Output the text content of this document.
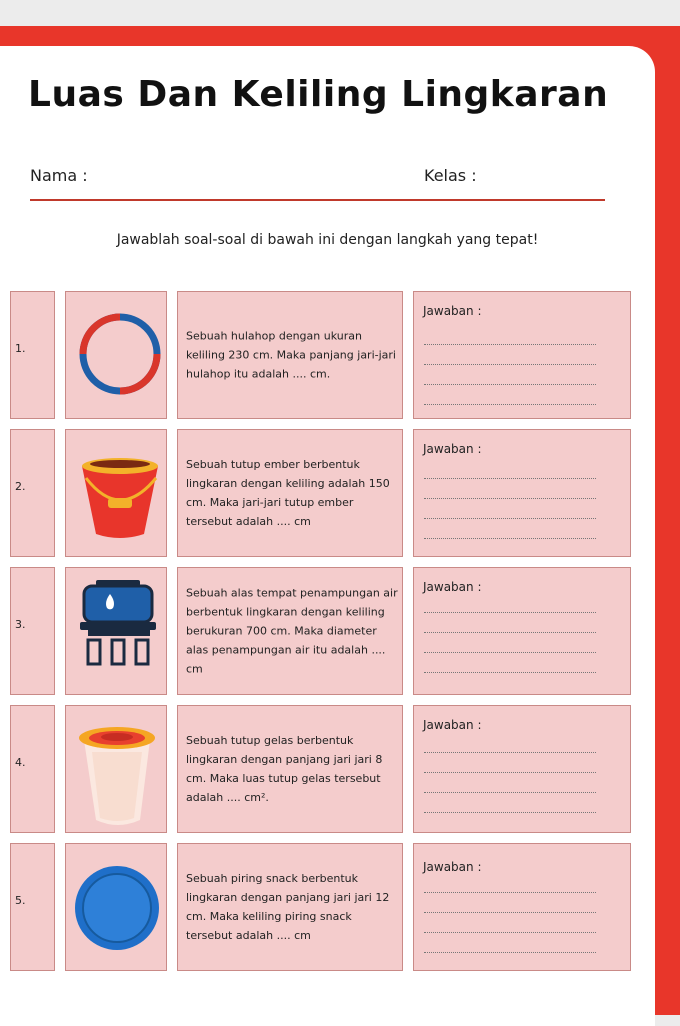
Luas Dan Keliling Lingkaran
Nama :	Kelas :
Jawablah soal-soal di bawah ini dengan langkah yang tepat!
1.
Sebuah hulahop dengan ukuran keliling 230 cm. Maka panjang jari-jari hulahop itu adalah .... cm.
Jawaban :
2.
Sebuah tutup ember berbentuk lingkaran dengan keliling adalah 150 cm. Maka jari-jari tutup ember tersebut adalah .... cm
Jawaban :
3.
Sebuah alas tempat penampungan air berbentuk lingkaran dengan keliling berukuran 700 cm. Maka diameter alas penampungan air itu adalah .... cm
Jawaban :
4.
Sebuah tutup gelas berbentuk lingkaran dengan panjang jari jari 8 cm. Maka luas tutup gelas tersebut adalah .... cm².
Jawaban :
5.
Sebuah piring snack berbentuk lingkaran dengan panjang jari jari 12 cm. Maka keliling piring snack tersebut adalah .... cm
Jawaban :
